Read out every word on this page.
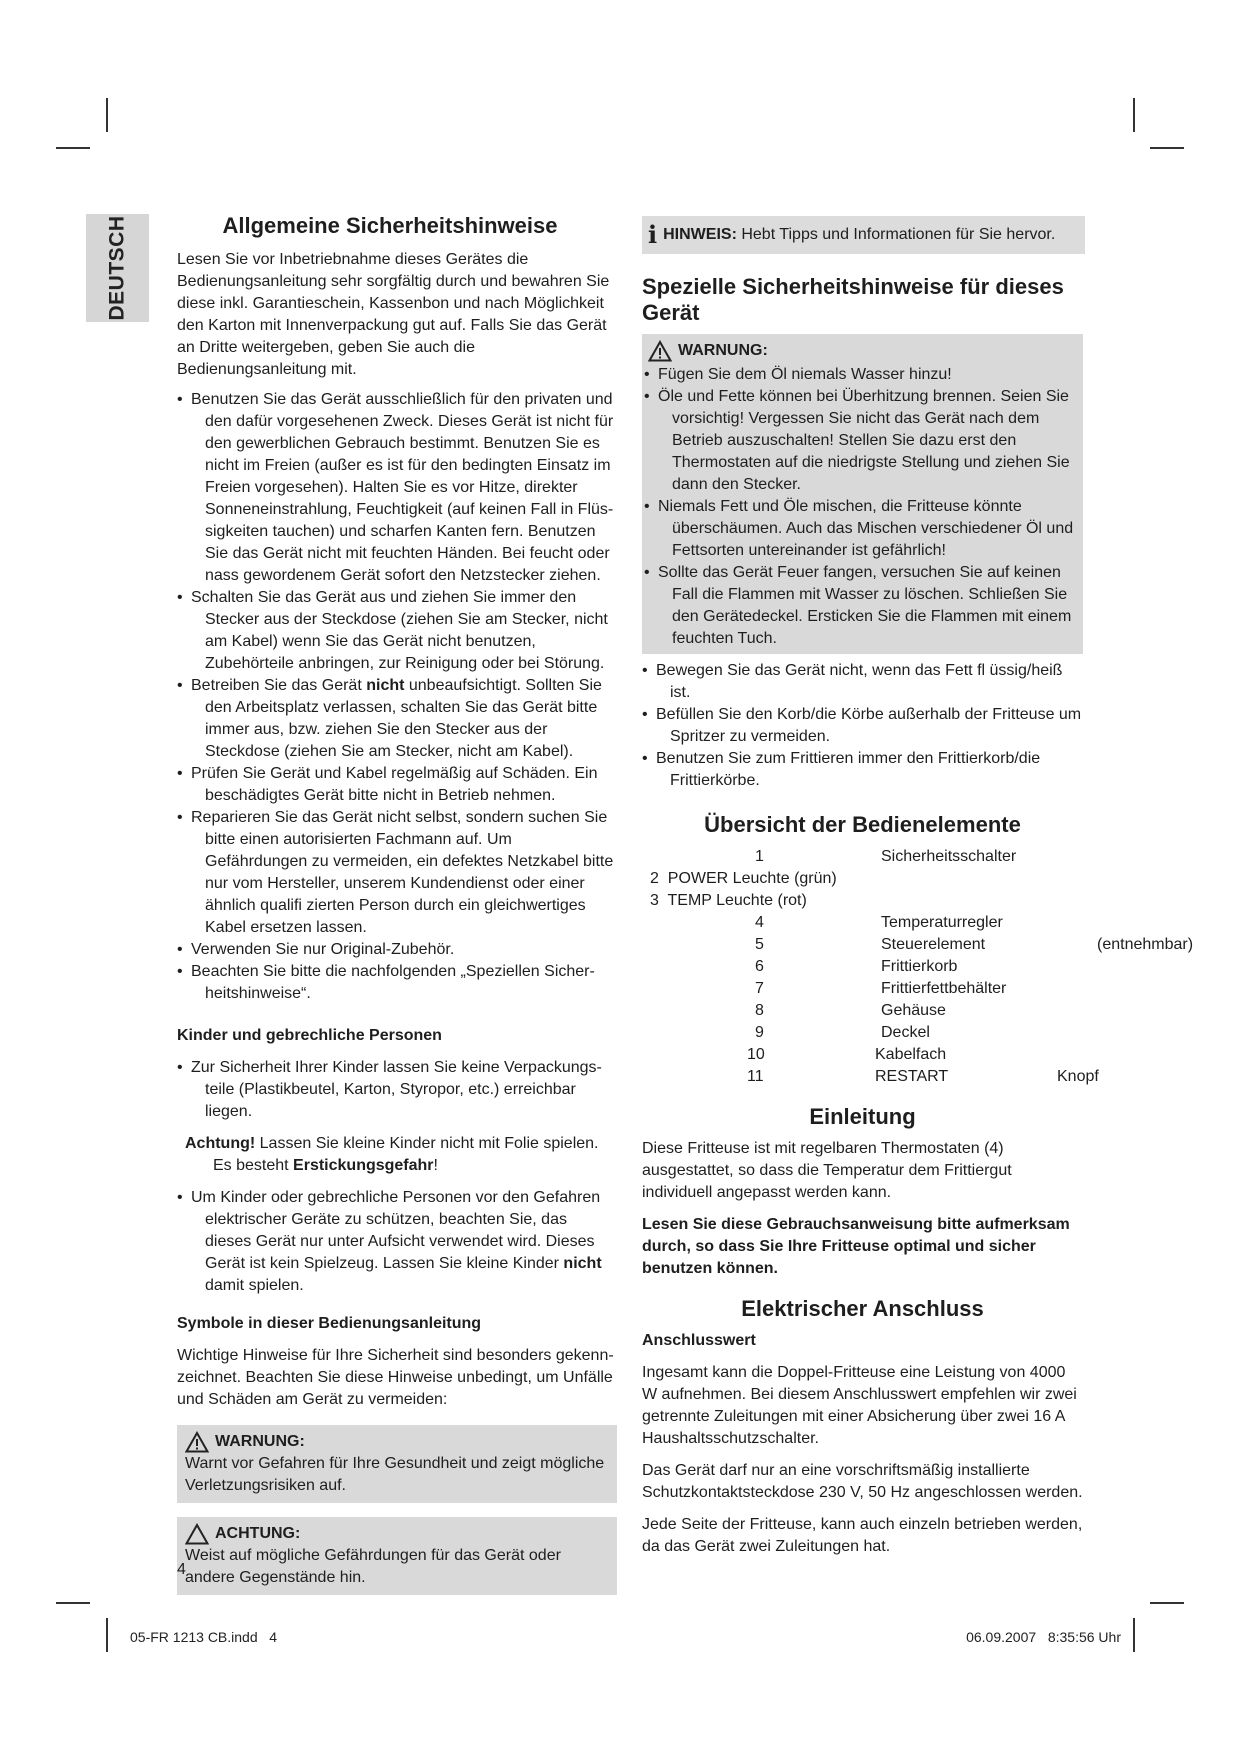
DEUTSCH	Allgemeine Sicherheitshinweise

Lesen Sie vor Inbetriebnahme dieses Gerätes die Bedienungsanleitung sehr sorgfältig durch und bewahren Sie diese inkl. Garantieschein, Kassenbon und nach Möglichkeit den Karton mit Innenverpackung gut auf. Falls Sie das Gerät an Dritte weitergeben, geben Sie auch die Bedienungsanleitung mit.

• Benutzen Sie das Gerät ausschließlich für den privaten und den dafür vorgesehenen Zweck. Dieses Gerät ist nicht für den gewerblichen Gebrauch bestimmt. Benutzen Sie es nicht im Freien (außer es ist für den bedingten Einsatz im Freien vorgesehen). Halten Sie es vor Hitze, direkter Sonneneinstrahlung, Feuchtigkeit (auf keinen Fall in Flüssigkeiten tauchen) und scharfen Kanten fern. Benutzen Sie das Gerät nicht mit feuchten Händen. Bei feucht oder nass gewordenem Gerät sofort den Netzstecker ziehen.
• Schalten Sie das Gerät aus und ziehen Sie immer den Stecker aus der Steckdose (ziehen Sie am Stecker, nicht am Kabel) wenn Sie das Gerät nicht benutzen, Zubehörteile anbringen, zur Reinigung oder bei Störung.
• Betreiben Sie das Gerät nicht unbeaufsichtigt. Sollten Sie den Arbeitsplatz verlassen, schalten Sie das Gerät bitte immer aus, bzw. ziehen Sie den Stecker aus der Steckdose (ziehen Sie am Stecker, nicht am Kabel).
• Prüfen Sie Gerät und Kabel regelmäßig auf Schäden. Ein beschädigtes Gerät bitte nicht in Betrieb nehmen.
• Reparieren Sie das Gerät nicht selbst, sondern suchen Sie bitte einen autorisierten Fachmann auf. Um Gefährdungen zu vermeiden, ein defektes Netzkabel bitte nur vom Hersteller, unserem Kundendienst oder einer ähnlich qualifi zierten Person durch ein gleichwertiges Kabel ersetzen lassen.
• Verwenden Sie nur Original-Zubehör.
• Beachten Sie bitte die nachfolgenden „Speziellen Sicherheitshinweise“.

Kinder und gebrechliche Personen

• Zur Sicherheit Ihrer Kinder lassen Sie keine Verpackungsteile (Plastikbeutel, Karton, Styropor, etc.) erreichbar liegen.

Achtung! Lassen Sie kleine Kinder nicht mit Folie spielen. Es besteht Erstickungsgefahr!

• Um Kinder oder gebrechliche Personen vor den Gefahren elektrischer Geräte zu schützen, beachten Sie, das dieses Gerät nur unter Aufsicht verwendet wird. Dieses Gerät ist kein Spielzeug. Lassen Sie kleine Kinder nicht damit spielen.

Symbole in dieser Bedienungsanleitung

Wichtige Hinweise für Ihre Sicherheit sind besonders gekennzeichnet. Beachten Sie diese Hinweise unbedingt, um Unfälle und Schäden am Gerät zu vermeiden:

WARNUNG:

Warnt vor Gefahren für Ihre Gesundheit und zeigt mögliche Verletzungsrisiken auf.

ACHTUNG:

Weist auf mögliche Gefährdungen für das Gerät oder andere Gegenstände hin.

4
i HINWEIS: Hebt Tipps und Informationen für Sie hervor.
Spezielle Sicherheitshinweise für dieses Gerät
WARNUNG:
• Fügen Sie dem Öl niemals Wasser hinzu!
• Öle und Fette können bei Überhitzung brennen. Seien Sie vorsichtig! Vergessen Sie nicht das Gerät nach dem Betrieb auszuschalten! Stellen Sie dazu erst den Thermostaten auf die niedrigste Stellung und ziehen Sie dann den Stecker.
• Niemals Fett und Öle mischen, die Fritteuse könnte überschäumen. Auch das Mischen verschiedener Öl und Fettsorten untereinander ist gefährlich!
• Sollte das Gerät Feuer fangen, versuchen Sie auf keinen Fall die Flammen mit Wasser zu löschen. Schließen Sie den Gerätedeckel. Ersticken Sie die Flammen mit einem feuchten Tuch.
• Bewegen Sie das Gerät nicht, wenn das Fett fl üssig/heiß ist.
• Befüllen Sie den Korb/die Körbe außerhalb der Fritteuse um Spritzer zu vermeiden.
• Benutzen Sie zum Frittieren immer den Frittierkorb/die Frittierkörbe.
Übersicht der Bedienelemente
1	Sicherheitsschalter
2  POWER Leuchte (grün)
3  TEMP Leuchte (rot)
4	Temperaturregler
5	Steuerelement	(entnehmbar)
6	Frittierkorb
7	Frittierfettbehälter
8	Gehäuse
9	Deckel
10	Kabelfach
11	RESTART	Knopf
Einleitung

Diese Fritteuse ist mit regelbaren Thermostaten (4) ausgestattet, so dass die Temperatur dem Frittiergut individuell angepasst werden kann.

Lesen Sie diese Gebrauchsanweisung bitte aufmerksam durch, so dass Sie Ihre Fritteuse optimal und sicher benutzen können.

Elektrischer Anschluss

Anschlusswert

Ingesamt kann die Doppel-Fritteuse eine Leistung von 4000 W aufnehmen. Bei diesem Anschlusswert empfehlen wir zwei getrennte Zuleitungen mit einer Absicherung über zwei 16 A Haushaltsschutzschalter.

Das Gerät darf nur an eine vorschriftsmäßig installierte Schutzkontaktsteckdose 230 V, 50 Hz angeschlossen werden.

Jede Seite der Fritteuse, kann auch einzeln betrieben werden, da das Gerät zwei Zuleitungen hat.

05-FR 1213 CB.indd   4	06.09.2007   8:35:56 Uhr
